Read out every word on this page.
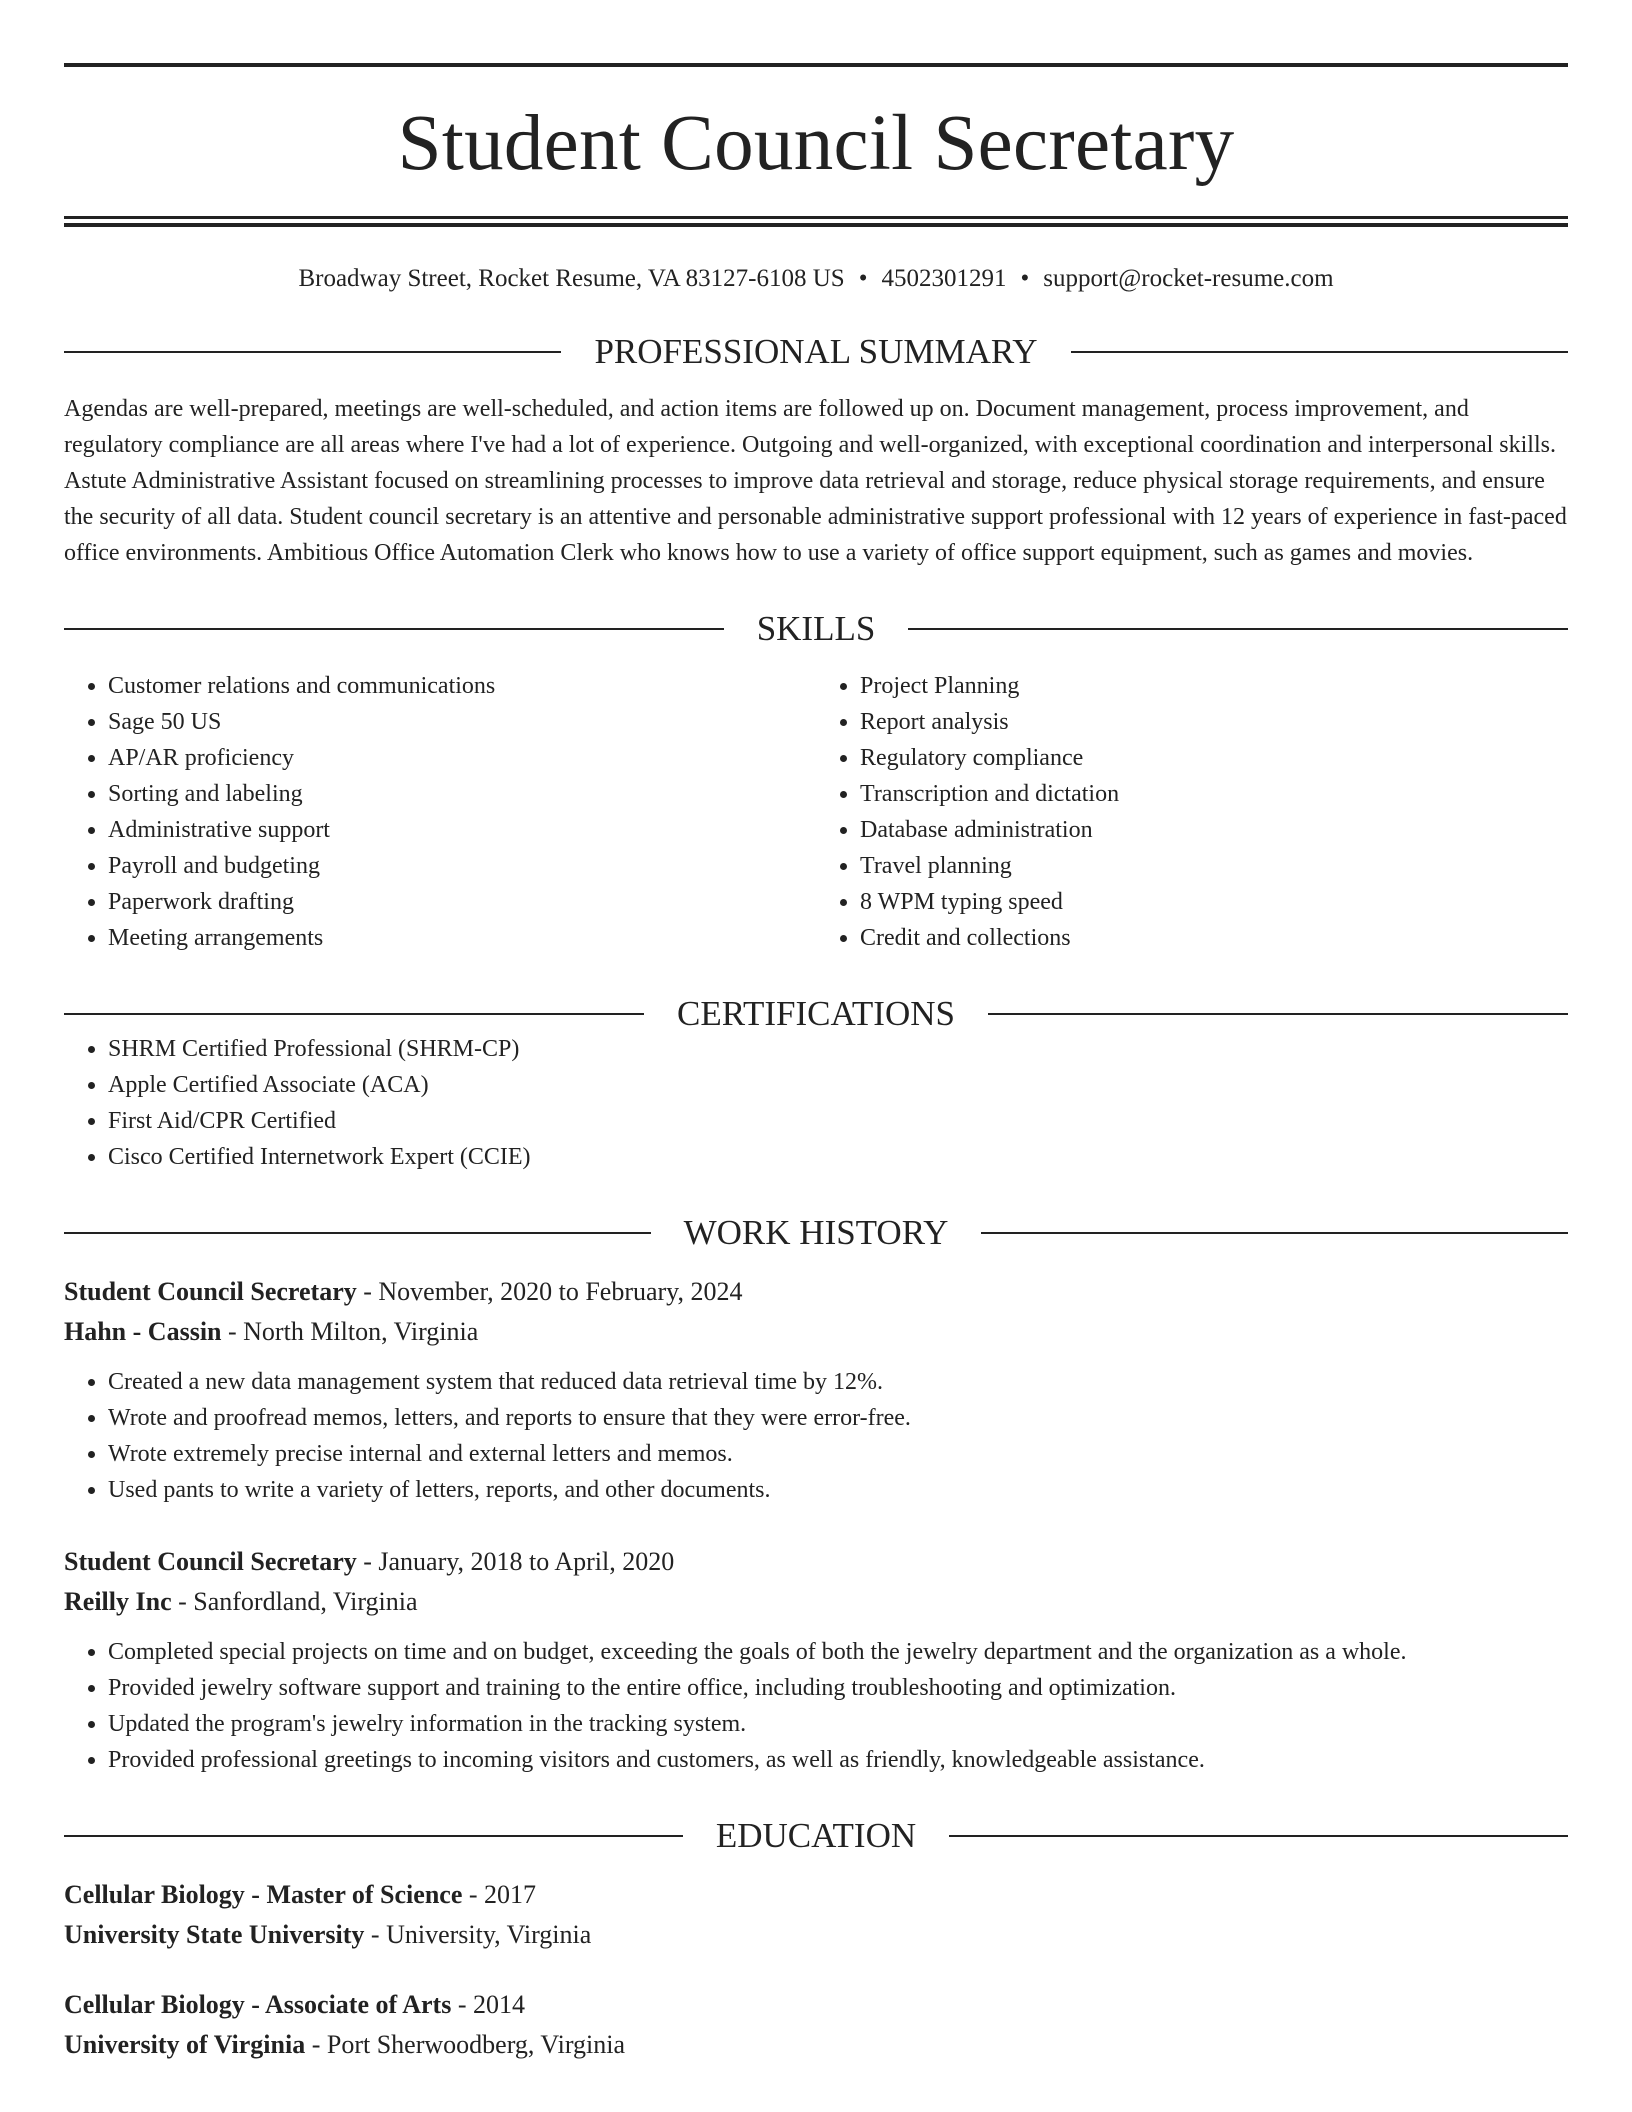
Student Council Secretary
Broadway Street, Rocket Resume, VA 83127-6108 US • 4502301291 • support@rocket-resume.com
PROFESSIONAL SUMMARY
Agendas are well-prepared, meetings are well-scheduled, and action items are followed up on. Document management, process improvement, and regulatory compliance are all areas where I've had a lot of experience. Outgoing and well-organized, with exceptional coordination and interpersonal skills. Astute Administrative Assistant focused on streamlining processes to improve data retrieval and storage, reduce physical storage requirements, and ensure the security of all data. Student council secretary is an attentive and personable administrative support professional with 12 years of experience in fast-paced office environments. Ambitious Office Automation Clerk who knows how to use a variety of office support equipment, such as games and movies.
SKILLS
• Customer relations and communications
• Sage 50 US
• AP/AR proficiency
• Sorting and labeling
• Administrative support
• Payroll and budgeting
• Paperwork drafting
• Meeting arrangements
• Project Planning
• Report analysis
• Regulatory compliance
• Transcription and dictation
• Database administration
• Travel planning
• 8 WPM typing speed
• Credit and collections
CERTIFICATIONS
• SHRM Certified Professional (SHRM-CP)
• Apple Certified Associate (ACA)
• First Aid/CPR Certified
• Cisco Certified Internetwork Expert (CCIE)
WORK HISTORY
Student Council Secretary - November, 2020 to February, 2024
Hahn - Cassin - North Milton, Virginia
• Created a new data management system that reduced data retrieval time by 12%.
• Wrote and proofread memos, letters, and reports to ensure that they were error-free.
• Wrote extremely precise internal and external letters and memos.
• Used pants to write a variety of letters, reports, and other documents.
Student Council Secretary - January, 2018 to April, 2020
Reilly Inc - Sanfordland, Virginia
• Completed special projects on time and on budget, exceeding the goals of both the jewelry department and the organization as a whole.
• Provided jewelry software support and training to the entire office, including troubleshooting and optimization.
• Updated the program's jewelry information in the tracking system.
• Provided professional greetings to incoming visitors and customers, as well as friendly, knowledgeable assistance.
EDUCATION
Cellular Biology - Master of Science - 2017
University State University - University, Virginia
Cellular Biology - Associate of Arts - 2014
University of Virginia - Port Sherwoodberg, Virginia
